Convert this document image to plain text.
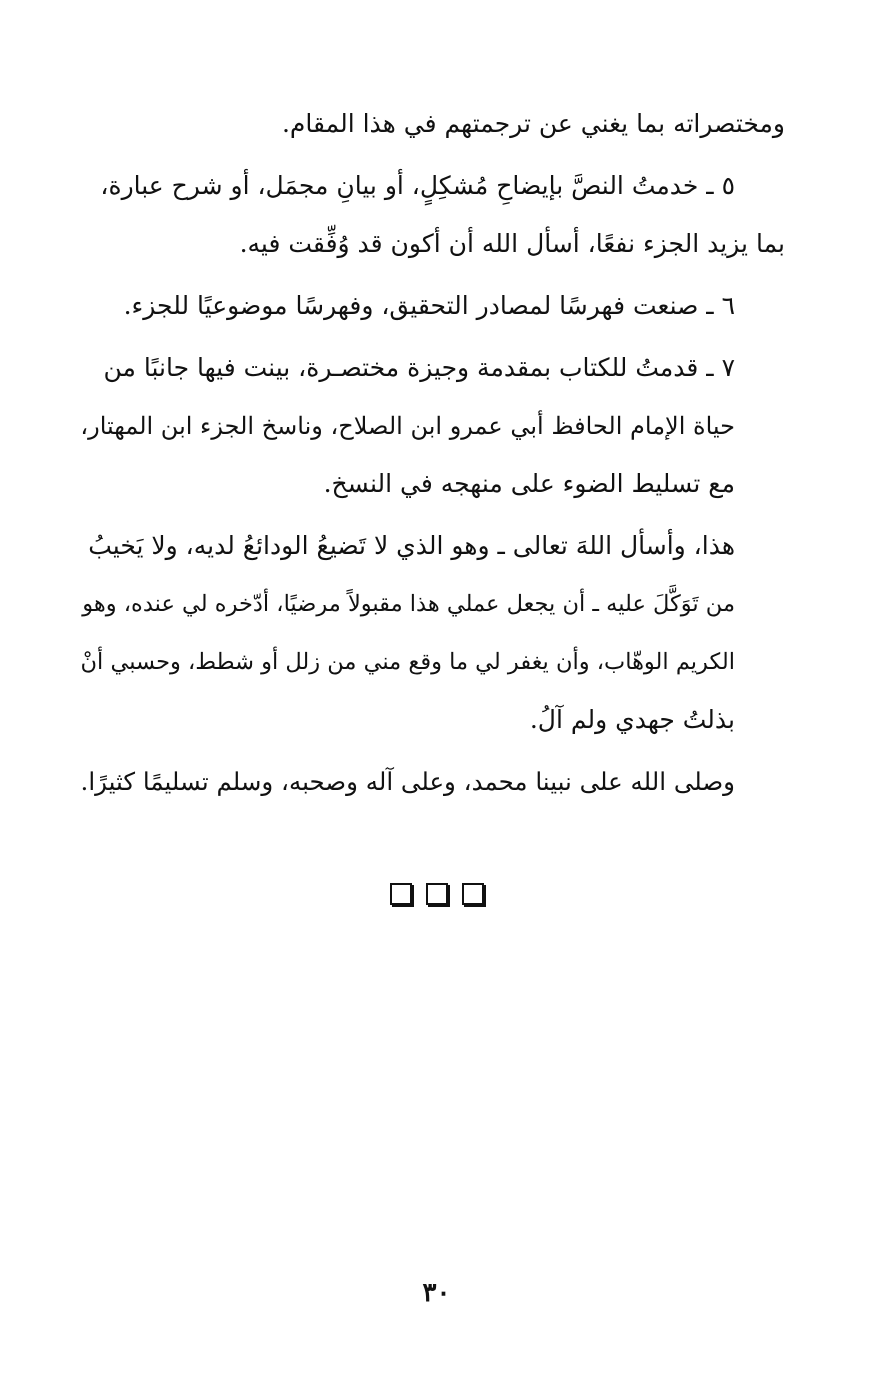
ومختصراته بما يغني عن ترجمتهم في هذا المقام.

٥ ـ خدمتُ النصَّ بإيضاحِ مُشكِلٍ، أو بيانِ مجمَل، أو شرح عبارة،
بما يزيد الجزء نفعًا، أسأل الله أن أكون قد وُفِّقت فيه.

٦ ـ صنعت فهرسًا لمصادر التحقيق، وفهرسًا موضوعيًا للجزء.

٧ ـ قدمتُ للكتاب بمقدمة وجيزة مختصـرة، بينت فيها جانبًا من
حياة الإمام الحافظ أبي عمرو ابن الصلاح، وناسخ الجزء ابن المهتار،
مع تسليط الضوء على منهجه في النسخ.

هذا، وأسأل اللهَ تعالى ـ وهو الذي لا تَضيعُ الودائعُ لديه، ولا يَخيبُ
من تَوَكَّلَ عليه ـ أن يجعل عملي هذا مقبولاً مرضيًا، أدّخره لي عنده، وهو
الكريم الوهّاب، وأن يغفر لي ما وقع مني من زلل أو شطط، وحسبي أنْ
بذلتُ جهدي ولم آلُ.

وصلى الله على نبينا محمد، وعلى آله وصحبه، وسلم تسليمًا كثيرًا.

٣٠
